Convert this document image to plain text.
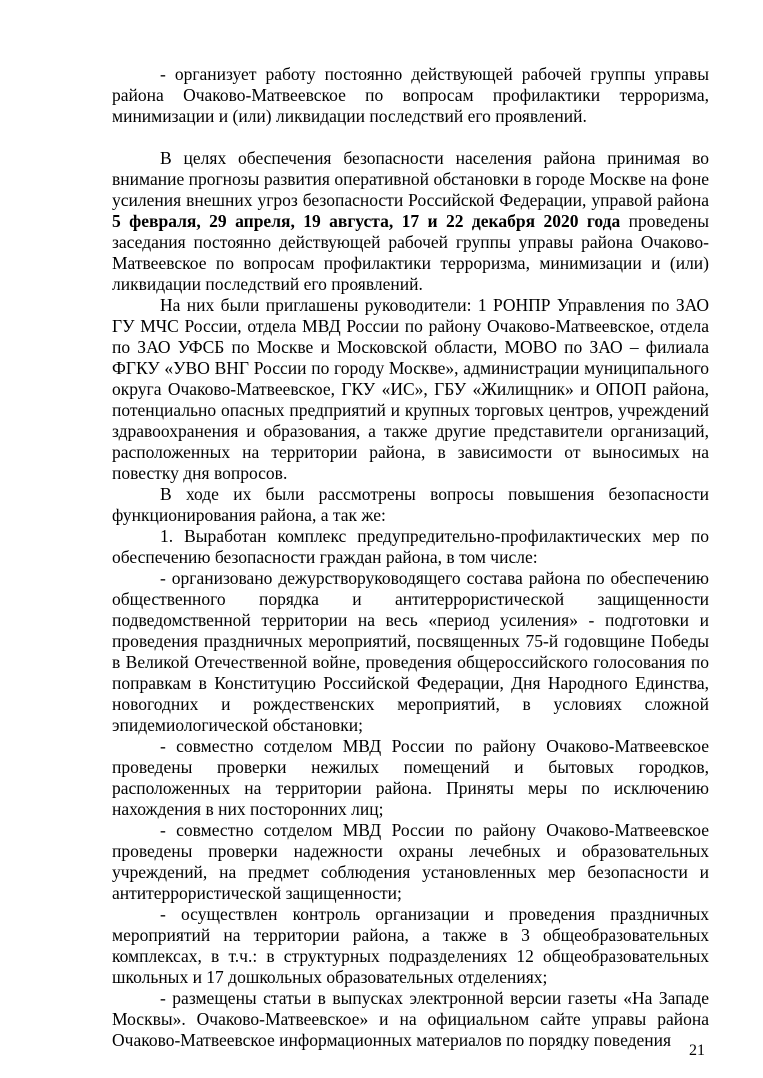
- организует работу постоянно действующей рабочей группы управы района Очаково-Матвеевское по вопросам профилактики терроризма, минимизации и (или) ликвидации последствий его проявлений.

В целях обеспечения безопасности населения района принимая во внимание прогнозы развития оперативной обстановки в городе Москве на фоне усиления внешних угроз безопасности Российской Федерации, управой района 5 февраля, 29 апреля, 19 августа, 17 и 22 декабря 2020 года проведены заседания постоянно действующей рабочей группы управы района Очаково-Матвеевское по вопросам профилактики терроризма, минимизации и (или) ликвидации последствий его проявлений.

На них были приглашены руководители: 1 РОНПР Управления по ЗАО ГУ МЧС России, отдела МВД России по району Очаково-Матвеевское, отдела по ЗАО УФСБ по Москве и Московской области, МОВО по ЗАО – филиала ФГКУ «УВО ВНГ России по городу Москве», администрации муниципального округа Очаково-Матвеевское, ГКУ «ИС», ГБУ «Жилищник» и ОПОП района, потенциально опасных предприятий и крупных торговых центров, учреждений здравоохранения и образования, а также другие представители организаций, расположенных на территории района, в зависимости от выносимых на повестку дня вопросов.

В ходе их были рассмотрены вопросы повышения безопасности функционирования района, а так же:

1. Выработан комплекс предупредительно-профилактических мер по обеспечению безопасности граждан района, в том числе:

- организовано дежурстворуководящего состава района по обеспечению общественного порядка и антитеррористической защищенности подведомственной территории на весь «период усиления» - подготовки и проведения праздничных мероприятий, посвященных 75-й годовщине Победы в Великой Отечественной войне, проведения общероссийского голосования по поправкам в Конституцию Российской Федерации, Дня Народного Единства, новогодних и рождественских мероприятий, в условиях сложной эпидемиологической обстановки;

- совместно сотделом МВД России по району Очаково-Матвеевское проведены проверки нежилых помещений и бытовых городков, расположенных на территории района. Приняты меры по исключению нахождения в них посторонних лиц;

- совместно сотделом МВД России по району Очаково-Матвеевское проведены проверки надежности охраны лечебных и образовательных учреждений, на предмет соблюдения установленных мер безопасности и антитеррористической защищенности;

- осуществлен контроль организации и проведения праздничных мероприятий на территории района, а также в 3 общеобразовательных комплексах, в т.ч.: в структурных подразделениях 12 общеобразовательных школьных и 17 дошкольных образовательных отделениях;

- размещены статьи в выпусках электронной версии газеты «На Западе Москвы». Очаково-Матвеевское» и на официальном сайте управы района Очаково-Матвеевское информационных материалов по порядку поведения

21
